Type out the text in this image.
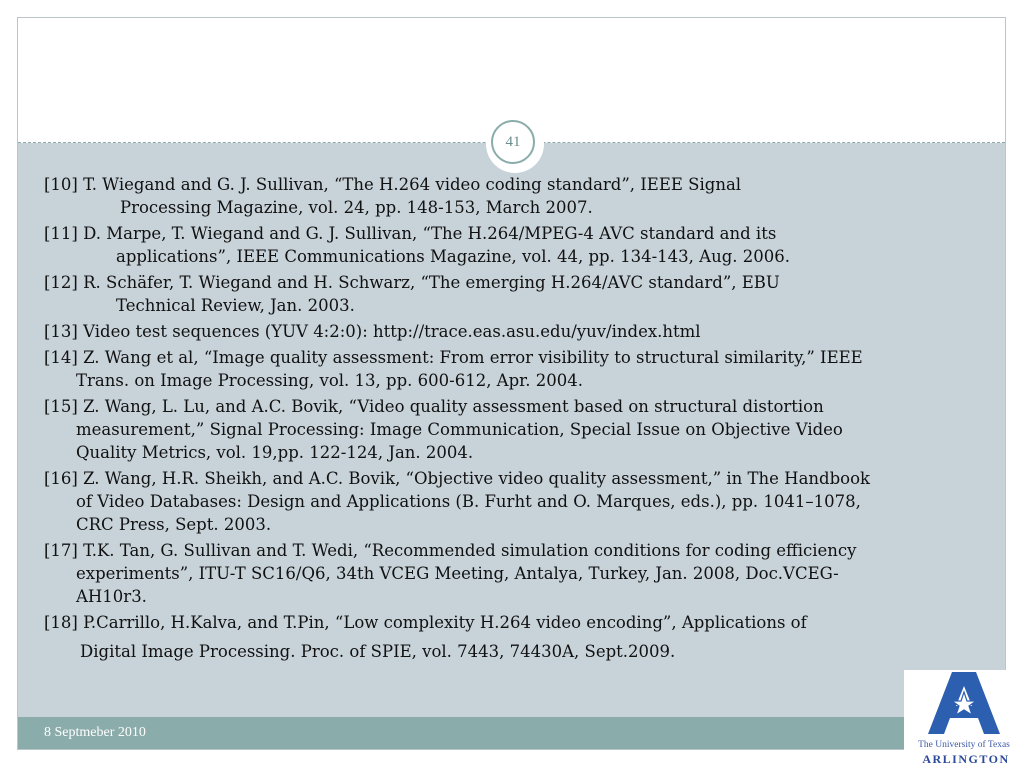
41
[10] T. Wiegand and G. J. Sullivan, “The H.264 video coding standard”, IEEE Signal
Processing Magazine, vol. 24, pp. 148-153, March 2007.
[11] D. Marpe, T. Wiegand and G. J. Sullivan, “The H.264/MPEG-4 AVC standard and its
applications”, IEEE Communications Magazine, vol. 44, pp. 134-143, Aug. 2006.
[12] R. Schäfer, T. Wiegand and H. Schwarz, “The emerging H.264/AVC standard”, EBU
Technical Review, Jan. 2003.
[13] Video test sequences (YUV 4:2:0): http://trace.eas.asu.edu/yuv/index.html
[14] Z. Wang et al, “Image quality assessment: From error visibility to structural similarity,” IEEE
Trans. on Image Processing, vol. 13, pp. 600-612, Apr. 2004.
[15] Z. Wang, L. Lu, and A.C. Bovik, “Video quality assessment based on structural distortion
measurement,” Signal Processing: Image Communication, Special Issue on Objective Video
Quality Metrics, vol. 19,pp. 122-124, Jan. 2004.
[16] Z. Wang, H.R. Sheikh, and A.C. Bovik, “Objective video quality assessment,” in The Handbook
of Video Databases: Design and Applications (B. Furht and O. Marques, eds.), pp. 1041–1078,
CRC Press, Sept. 2003.
[17] T.K. Tan, G. Sullivan and T. Wedi, “Recommended simulation conditions for coding efficiency
experiments”, ITU-T SC16/Q6, 34th VCEG Meeting, Antalya, Turkey, Jan. 2008, Doc.VCEG-
AH10r3.
[18] P.Carrillo, H.Kalva, and T.Pin, “Low complexity H.264 video encoding”, Applications of
Digital Image Processing. Proc. of SPIE, vol. 7443, 74430A, Sept.2009.
8 Septmeber 2010
The University of Texas
ARLINGTON
